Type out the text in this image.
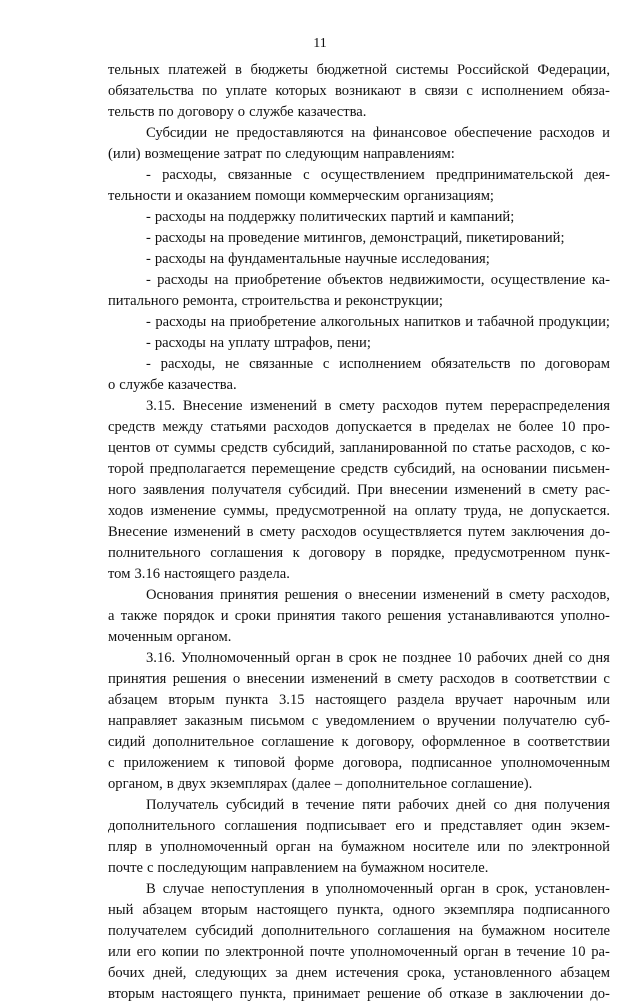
11
тельных платежей в бюджеты бюджетной системы Российской Федерации,
обязательства по уплате которых возникают в связи с исполнением обяза-
тельств по договору о службе казачества.
Субсидии не предоставляются на финансовое обеспечение расходов и
(или) возмещение затрат по следующим направлениям:
- расходы, связанные с осуществлением предпринимательской дея-
тельности и оказанием помощи коммерческим организациям;
- расходы на поддержку политических партий и кампаний;
- расходы на проведение митингов, демонстраций, пикетирований;
- расходы на фундаментальные научные исследования;
- расходы на приобретение объектов недвижимости, осуществление ка-
питального ремонта, строительства и реконструкции;
- расходы на приобретение алкогольных напитков и табачной продукции;
- расходы на уплату штрафов, пени;
- расходы, не связанные с исполнением обязательств по договорам
о службе казачества.
3.15. Внесение изменений в смету расходов путем перераспределения
средств между статьями расходов допускается в пределах не более 10 про-
центов от суммы средств субсидий, запланированной по статье расходов, с ко-
торой предполагается перемещение средств субсидий, на основании письмен-
ного заявления получателя субсидий. При внесении изменений в смету рас-
ходов изменение суммы, предусмотренной на оплату труда, не допускается.
Внесение изменений в смету расходов осуществляется путем заключения до-
полнительного соглашения к договору в порядке, предусмотренном пунк-
том 3.16 настоящего раздела.
Основания принятия решения о внесении изменений в смету расходов,
а также порядок и сроки принятия такого решения устанавливаются уполно-
моченным органом.
3.16. Уполномоченный орган в срок не позднее 10 рабочих дней со дня
принятия решения о внесении изменений в смету расходов в соответствии с
абзацем вторым пункта 3.15 настоящего раздела вручает нарочным или
направляет заказным письмом с уведомлением о вручении получателю суб-
сидий дополнительное соглашение к договору, оформленное в соответствии
с приложением к типовой форме договора, подписанное уполномоченным
органом, в двух экземплярах (далее – дополнительное соглашение).
Получатель субсидий в течение пяти рабочих дней со дня получения
дополнительного соглашения подписывает его и представляет один экзем-
пляр в уполномоченный орган на бумажном носителе или по электронной
почте с последующим направлением на бумажном носителе.
В случае непоступления в уполномоченный орган в срок, установлен-
ный абзацем вторым настоящего пункта, одного экземпляра подписанного
получателем субсидий дополнительного соглашения на бумажном носителе
или его копии по электронной почте уполномоченный орган в течение 10 ра-
бочих дней, следующих за днем истечения срока, установленного абзацем
вторым настоящего пункта, принимает решение об отказе в заключении до-
